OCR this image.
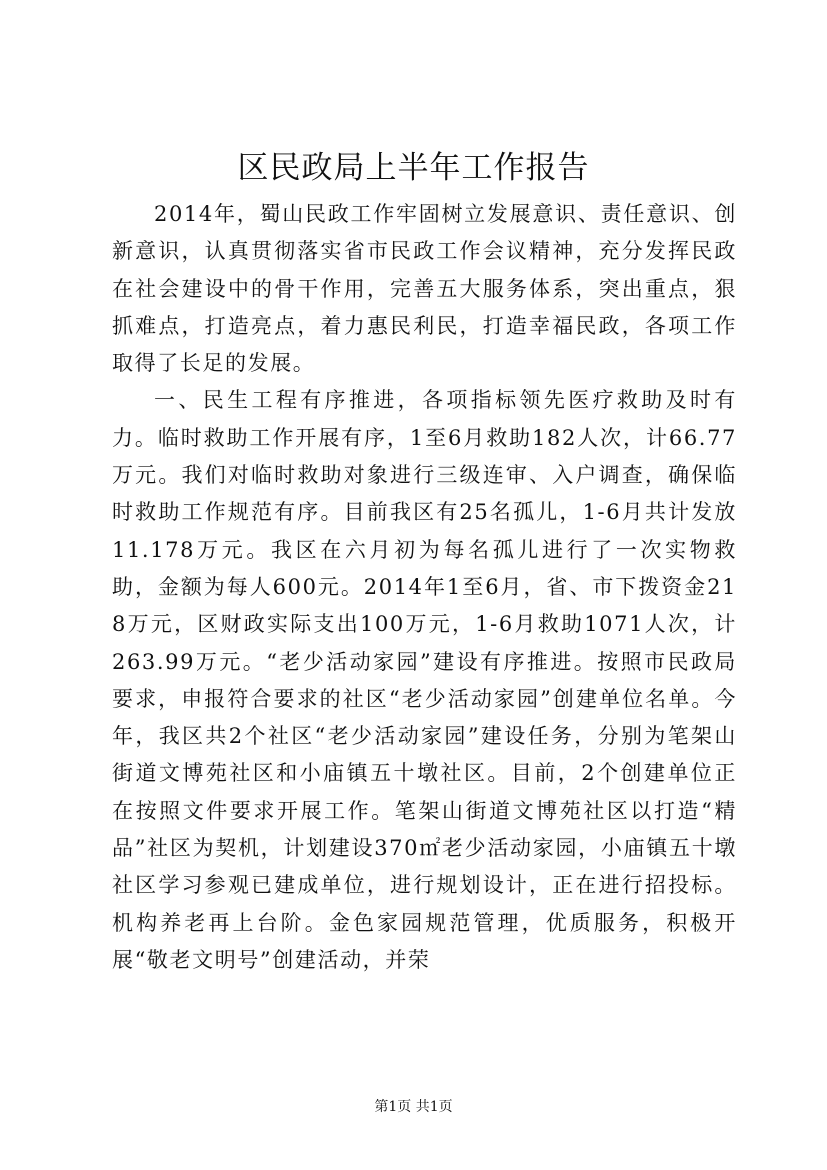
区民政局上半年工作报告

2014年，蜀山民政工作牢固树立发展意识、责任意识、创新意识，认真贯彻落实省市民政工作会议精神，充分发挥民政在社会建设中的骨干作用，完善五大服务体系，突出重点，狠抓难点，打造亮点，着力惠民利民，打造幸福民政，各项工作取得了长足的发展。

一、民生工程有序推进，各项指标领先医疗救助及时有力。临时救助工作开展有序，1至6月救助182人次，计66.77万元。我们对临时救助对象进行三级连审、入户调查，确保临时救助工作规范有序。目前我区有25名孤儿，1-6月共计发放11.178万元。我区在六月初为每名孤儿进行了一次实物救助，金额为每人600元。2014年1至6月，省、市下拨资金218万元，区财政实际支出100万元，1-6月救助1071人次，计263.99万元。“老少活动家园”建设有序推进。按照市民政局要求，申报符合要求的社区“老少活动家园”创建单位名单。今年，我区共2个社区“老少活动家园”建设任务，分别为笔架山街道文博苑社区和小庙镇五十墩社区。目前，2个创建单位正在按照文件要求开展工作。笔架山街道文博苑社区以打造“精品”社区为契机，计划建设370㎡老少活动家园，小庙镇五十墩社区学习参观已建成单位，进行规划设计，正在进行招投标。机构养老再上台阶。金色家园规范管理，优质服务，积极开展“敬老文明号”创建活动，并荣

第1页 共1页
